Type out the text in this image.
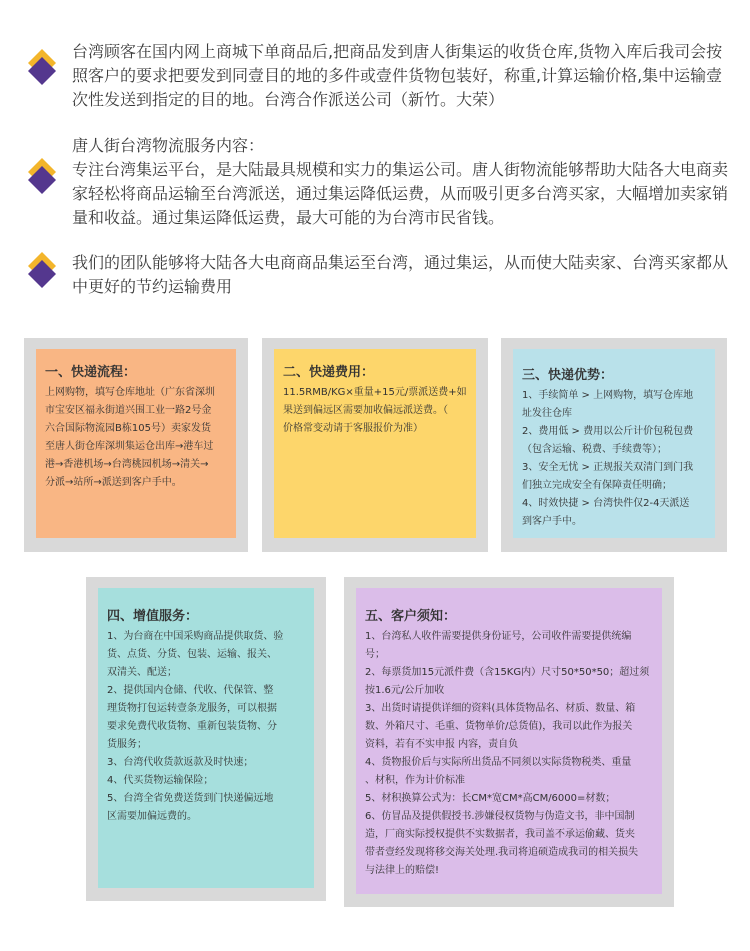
台湾顾客在国内网上商城下单商品后,把商品发到唐人街集运的收货仓库,货物入库后我司会按照客户的要求把要发到同壹目的地的多件或壹件货物包装好，称重,计算运输价格,集中运输壹次性发送到指定的目的地。台湾合作派送公司（新竹。大荣）

唐人街台湾物流服务内容：

专注台湾集运平台，是大陆最具规模和实力的集运公司。唐人街物流能够帮助大陆各大电商卖家轻松将商品运输至台湾派送，通过集运降低运费，从而吸引更多台湾买家，大幅增加卖家销量和收益。通过集运降低运费，最大可能的为台湾市民省钱。

我们的团队能够将大陆各大电商商品集运至台湾，通过集运，从而使大陆卖家、台湾买家都从中更好的节约运输费用

一、快递流程：
上网购物，填写仓库地址（广东省深圳
市宝安区福永街道兴围工业一路2号金
六合国际物流园B栋105号）卖家发货
至唐人街仓库深圳集运仓出库→港车过
港→香港机场→台湾桃园机场→清关→
分派→站所→派送到客户手中。
二、快递费用：
11.5RMB/KG×重量+15元/票派送费+如
果送到偏远区需要加收偏远派送费。（
价格常变动请于客服报价为准）
三、快递优势：
1、手续简单 > 上网购物，填写仓库地
址发往仓库
2、费用低 > 费用以公斤计价包税包费
（包含运输、税费、手续费等）；
3、安全无忧 > 正规报关双清门到门我
们独立完成安全有保障责任明确；
4、时效快捷 > 台湾快件仅2-4天派送
到客户手中。
四、增值服务：
1、为台商在中国采购商品提供取货、验
货、点货、分货、包装、运输、报关、
双清关、配送；
2、提供国内仓储、代收、代保管、整
理货物打包运转壹条龙服务，可以根据
要求免费代收货物、重新包装货物、分
货服务；
3、台湾代收货款返款及时快速；
4、代买货物运输保险；
5、台湾全省免费送货到门快递偏远地
区需要加偏远费的。
五、客户须知：
1、台湾私人收件需要提供身份证号，公司收件需要提供统编
号；
2、每票货加15元派件费（含15KG内）尺寸50*50*50；超过须
按1.6元/公斤加收
3、出货时请提供详细的资料(具体货物品名、材质、数量、箱
数、外箱尺寸、毛重、货物单价/总货值)，我司以此作为报关
资料，若有不实申报 内容，责自负
4、货物报价后与实际所出货品不同须以实际货物税类、重量
、材积，作为计价标准
5、材积换算公式为：长CM*宽CM*高CM/6000=材数；
6、仿冒品及提供假授书.涉嫌侵权货物与伪造文书，非中国制
造，厂商实际授权提供不实数据者，我司盖不承运偷藏、货夹
带者壹经发现将移交海关处理.我司将追硕造成我司的相关损失
与法律上的赔偿!
